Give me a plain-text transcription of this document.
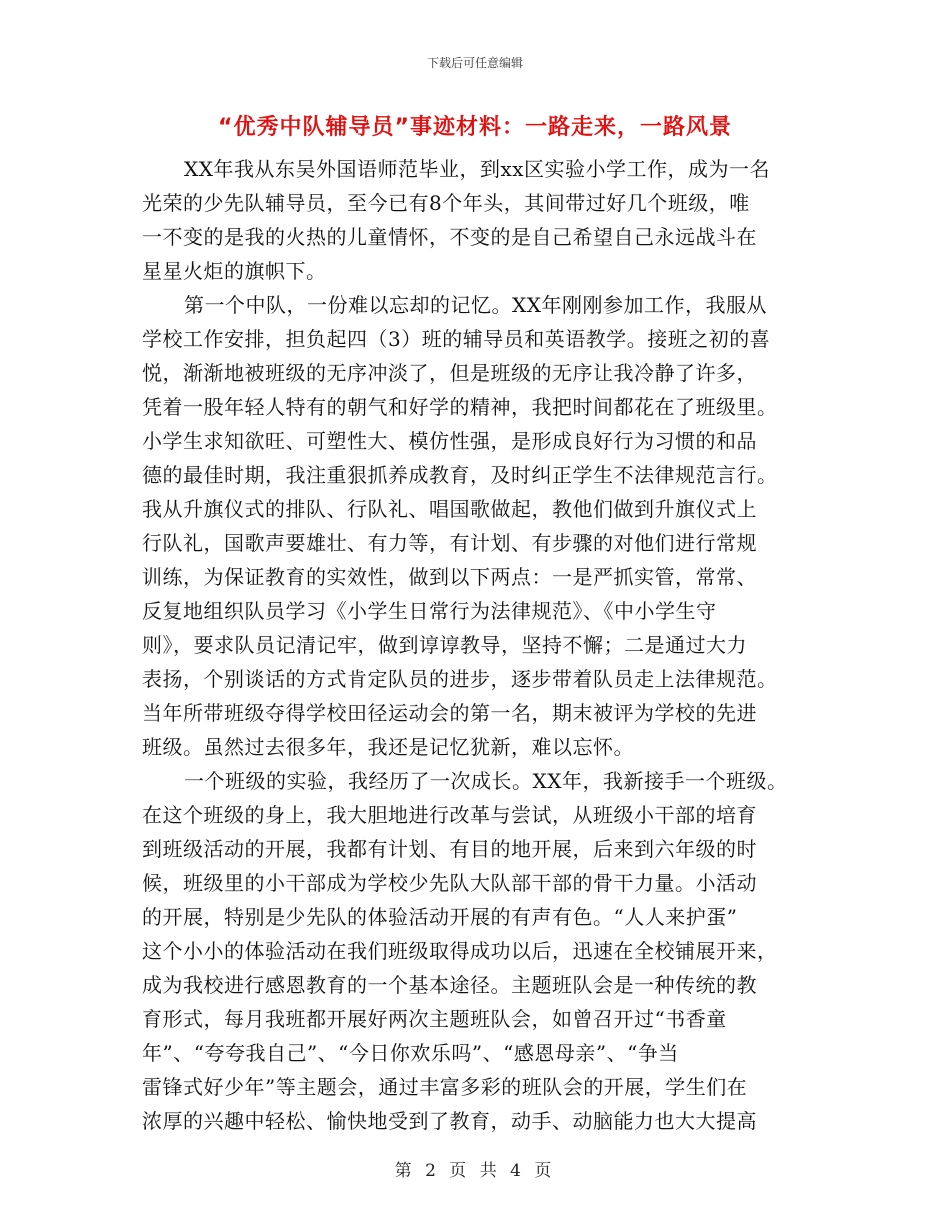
下载后可任意编辑
“优秀中队辅导员”事迹材料：一路走来，一路风景
XX年我从东吴外国语师范毕业，到xx区实验小学工作，成为一名
光荣的少先队辅导员，至今已有8个年头，其间带过好几个班级，唯
一不变的是我的火热的儿童情怀，不变的是自己希望自己永远战斗在
星星火炬的旗帜下。
第一个中队，一份难以忘却的记忆。XX年刚刚参加工作，我服从
学校工作安排，担负起四（3）班的辅导员和英语教学。接班之初的喜
悦，渐渐地被班级的无序冲淡了，但是班级的无序让我冷静了许多，
凭着一股年轻人特有的朝气和好学的精神，我把时间都花在了班级里。
小学生求知欲旺、可塑性大、模仿性强，是形成良好行为习惯的和品
德的最佳时期，我注重狠抓养成教育，及时纠正学生不法律规范言行。
我从升旗仪式的排队、行队礼、唱国歌做起，教他们做到升旗仪式上
行队礼，国歌声要雄壮、有力等，有计划、有步骤的对他们进行常规
训练，为保证教育的实效性，做到以下两点：一是严抓实管，常常、
反复地组织队员学习《小学生日常行为法律规范》、《中小学生守
则》，要求队员记清记牢，做到谆谆教导，坚持不懈；二是通过大力
表扬，个别谈话的方式肯定队员的进步，逐步带着队员走上法律规范。
当年所带班级夺得学校田径运动会的第一名，期末被评为学校的先进
班级。虽然过去很多年，我还是记忆犹新，难以忘怀。
一个班级的实验，我经历了一次成长。XX年，我新接手一个班级。
在这个班级的身上，我大胆地进行改革与尝试，从班级小干部的培育
到班级活动的开展，我都有计划、有目的地开展，后来到六年级的时
候，班级里的小干部成为学校少先队大队部干部的骨干力量。小活动
的开展，特别是少先队的体验活动开展的有声有色。“人人来护蛋”
这个小小的体验活动在我们班级取得成功以后，迅速在全校铺展开来，
成为我校进行感恩教育的一个基本途径。主题班队会是一种传统的教
育形式，每月我班都开展好两次主题班队会，如曾召开过“书香童
年”、“夸夸我自己”、“今日你欢乐吗”、“感恩母亲”、“争当
雷锋式好少年”等主题会，通过丰富多彩的班队会的开展，学生们在
浓厚的兴趣中轻松、愉快地受到了教育，动手、动脑能力也大大提高
第 2 页 共 4 页
